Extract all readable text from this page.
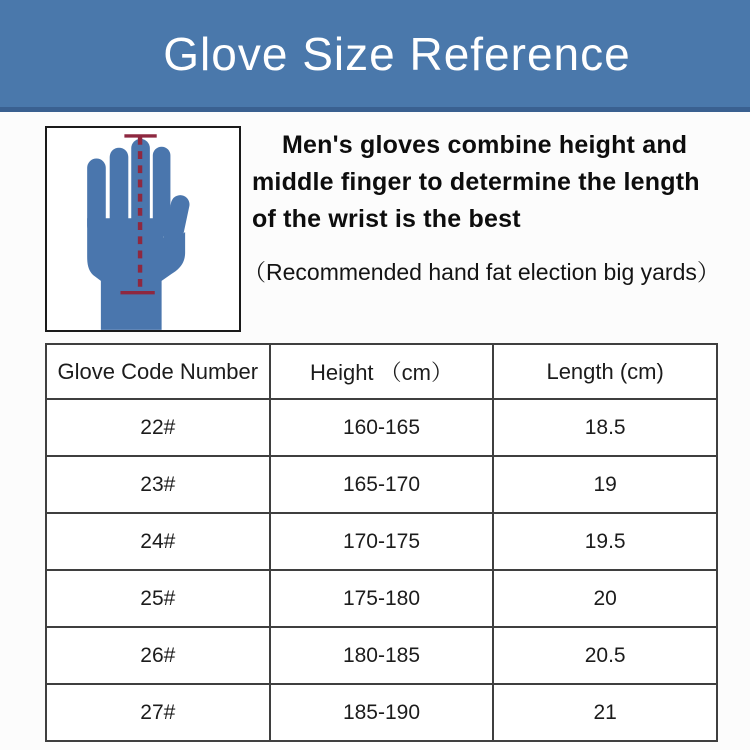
Glove Size Reference
Men's gloves combine height and
middle finger to determine the length
of the wrist is the best
（Recommended hand fat election big yards）
Glove Code Number	Height （cm）	Length (cm)
22#	160-165	18.5
23#	165-170	19
24#	170-175	19.5
25#	175-180	20
26#	180-185	20.5
27#	185-190	21
